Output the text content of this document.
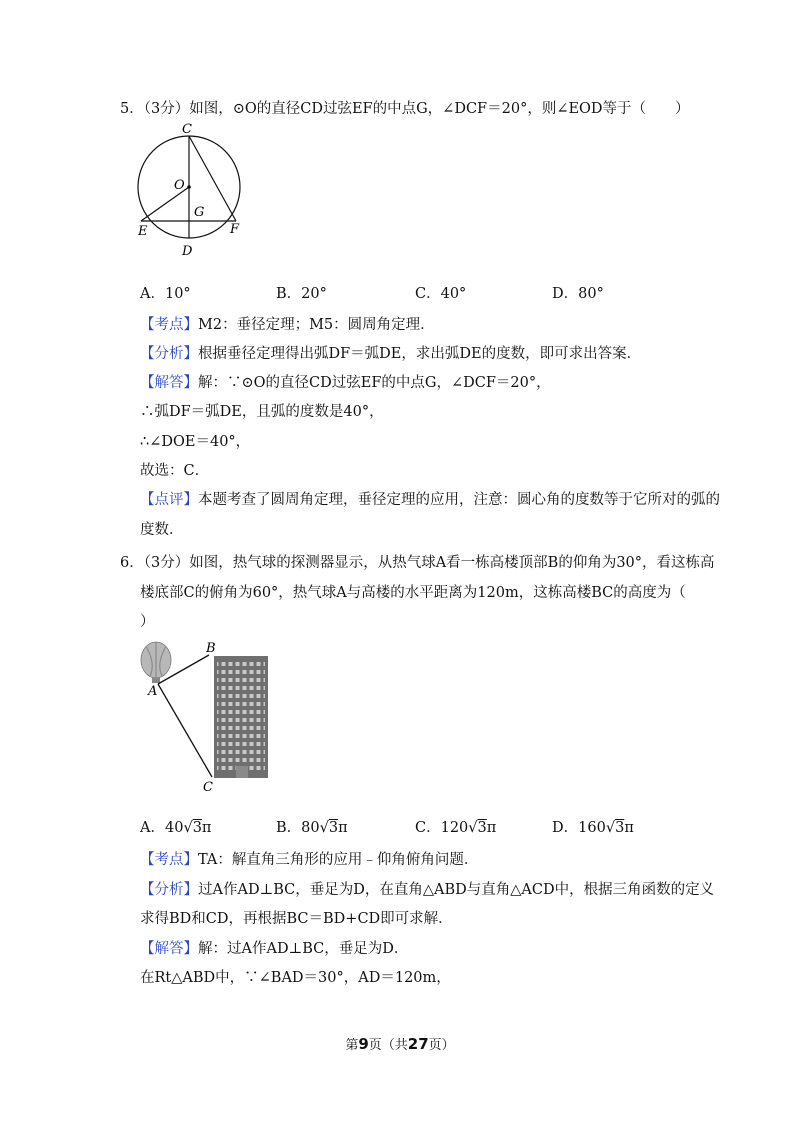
5．（3分）如图，⊙O的直径CD过弦EF的中点G，∠DCF＝20°，则∠EOD等于（　　）
C
O
G
E	F
D
A．10°	B．20°	C．40°	D．80°
【考点】M2：垂径定理；M5：圆周角定理．
【分析】根据垂径定理得出弧DF＝弧DE，求出弧DE的度数，即可求出答案．
【解答】解：∵⊙O的直径CD过弦EF的中点G，∠DCF＝20°，
∴弧DF＝弧DE，且弧的度数是40°，
∴∠DOE＝40°，
故选：C．
【点评】本题考查了圆周角定理，垂径定理的应用，注意：圆心角的度数等于它所对的弧的
度数．
6．（3分）如图，热气球的探测器显示，从热气球A看一栋高楼顶部B的仰角为30°，看这栋高
楼底部C的俯角为60°，热气球A与高楼的水平距离为120m，这栋高楼BC的高度为（
）
A
B
C
A．40√3π	B．80√3π	C．120√3π	D．160√3π
【考点】TA：解直角三角形的应用﹣仰角俯角问题．
【分析】过A作AD⊥BC，垂足为D，在直角△ABD与直角△ACD中，根据三角函数的定义
求得BD和CD，再根据BC＝BD+CD即可求解．
【解答】解：过A作AD⊥BC，垂足为D．
在Rt△ABD中，∵∠BAD＝30°，AD＝120m，
第9页（共27页）
